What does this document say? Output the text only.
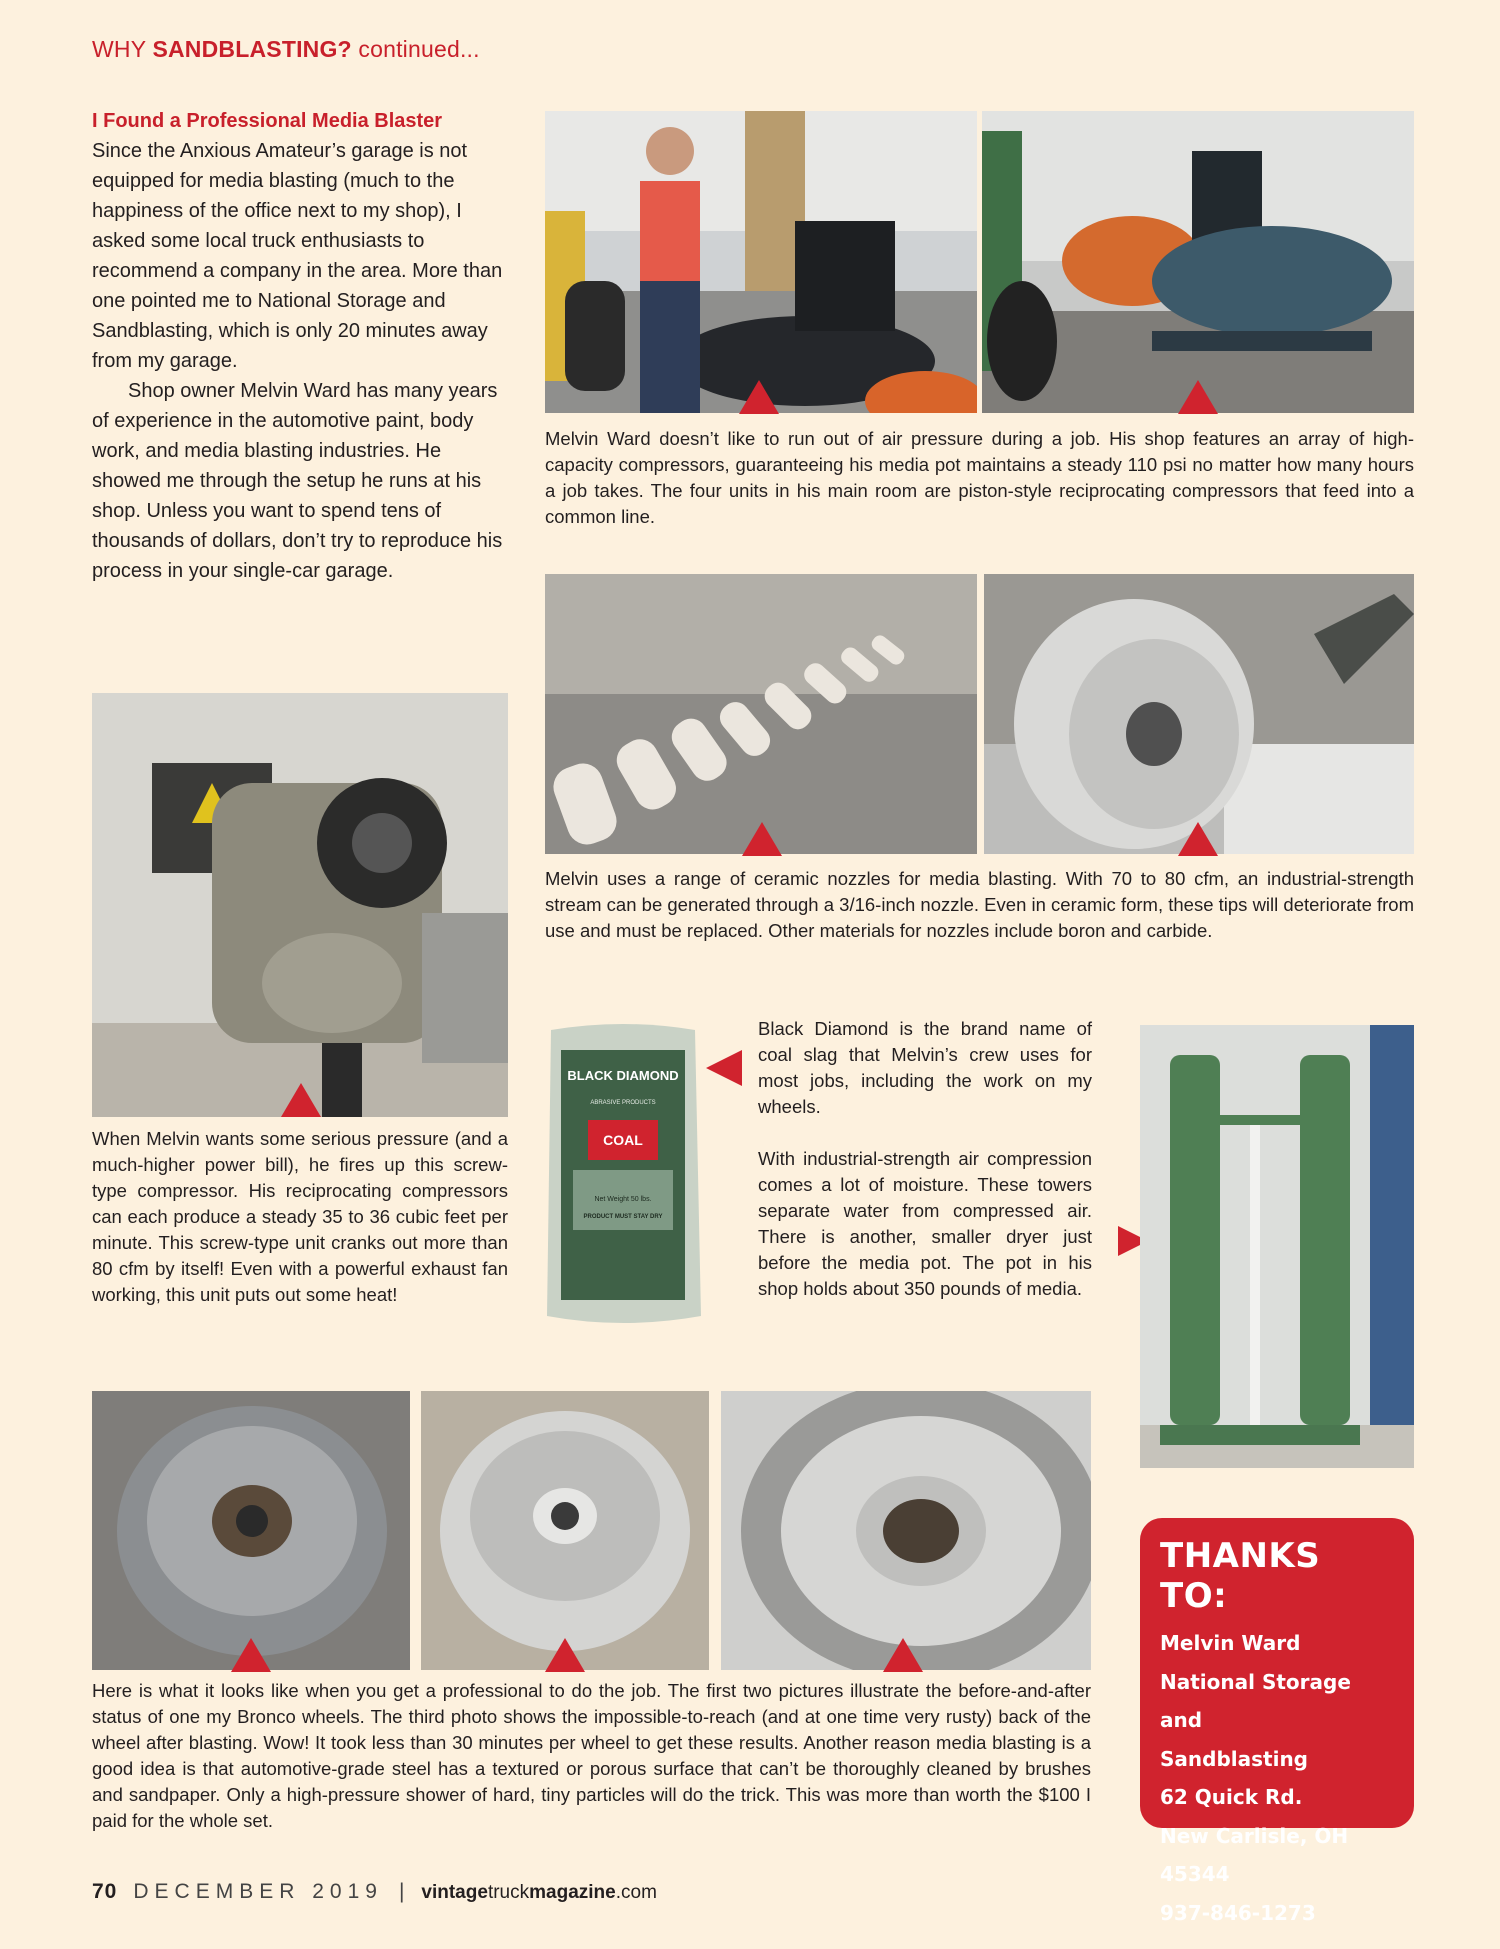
WHY SANDBLASTING? continued...
I Found a Professional Media Blaster

Since the Anxious Amateur’s garage is not equipped for media blasting (much to the happiness of the office next to my shop), I asked some local truck enthusiasts to recommend a company in the area. More than one pointed me to National Storage and Sandblasting, which is only 20 minutes away from my garage.

Shop owner Melvin Ward has many years of experience in the automotive paint, body work, and media blasting industries. He showed me through the setup he runs at his shop. Unless you want to spend tens of thousands of dollars, don’t try to reproduce his process in your single-car garage.

Melvin Ward doesn’t like to run out of air pressure during a job. His shop features an array of high-capacity compressors, guaranteeing his media pot maintains a steady 110 psi no matter how many hours a job takes. The four units in his main room are piston-style reciprocating compressors that feed into a common line.
Melvin uses a range of ceramic nozzles for media blasting. With 70 to 80 cfm, an industrial-strength stream can be generated through a 3/16-inch nozzle. Even in ceramic form, these tips will deteriorate from use and must be replaced. Other materials for nozzles include boron and carbide.
When Melvin wants some serious pressure (and a much-higher power bill), he fires up this screw-type compressor. His reciprocating compressors can each produce a steady 35 to 36 cubic feet per minute. This screw-type unit cranks out more than 80 cfm by itself! Even with a powerful exhaust fan working, this unit puts out some heat!
BLACK DIAMOND
ABRASIVE PRODUCTS
COAL
Net Weight 50 lbs.
PRODUCT MUST STAY DRY

Black Diamond is the brand name of coal slag that Melvin’s crew uses for most jobs, including the work on my wheels.

With industrial-strength air compression comes a lot of moisture. These towers separate water from compressed air. There is another, smaller dryer just before the media pot. The pot in his shop holds about 350 pounds of media.

Here is what it looks like when you get a professional to do the job. The first two pictures illustrate the before-and-after status of one my Bronco wheels. The third photo shows the impossible-to-reach (and at one time very rusty) back of the wheel after blasting. Wow! It took less than 30 minutes per wheel to get these results. Another reason media blasting is a good idea is that automotive-grade steel has a textured or porous surface that can’t be thoroughly cleaned by brushes and sandpaper. Only a high-pressure shower of hard, tiny particles will do the trick. This was more than worth the $100 I paid for the whole set.
THANKS TO:
Melvin Ward
National Storage and
Sandblasting
62 Quick Rd.
New Carlisle, OH 45344
937-846-1273
70 DECEMBER 2019 | vintagetruckmagazine.com
